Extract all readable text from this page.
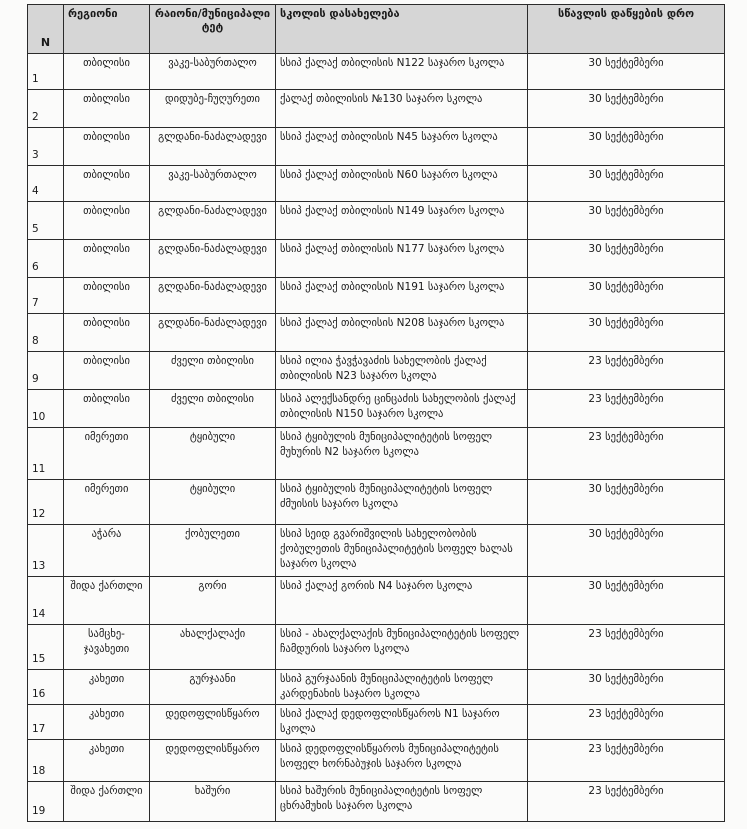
N	რეგიონი	რაიონი/მუნიციპალი ტეტ	სკოლის დასახელება	სწავლის დაწყების დრო
1	თბილისი	ვაკე-საბურთალო	სსიპ ქალაქ თბილისის N122 საჯარო სკოლა	30 სექტემბერი
2	თბილისი	დიდუბე-ჩუღურეთი	ქალაქ თბილისის №130 საჯარო სკოლა	30 სექტემბერი
3	თბილისი	გლდანი-ნაძალადევი	სსიპ ქალაქ თბილისის N45 საჯარო სკოლა	30 სექტემბერი
4	თბილისი	ვაკე-საბურთალო	სსიპ ქალაქ თბილისის N60 საჯარო სკოლა	30 სექტემბერი
5	თბილისი	გლდანი-ნაძალადევი	სსიპ ქალაქ თბილისის N149 საჯარო სკოლა	30 სექტემბერი
6	თბილისი	გლდანი-ნაძალადევი	სსიპ ქალაქ თბილისის N177 საჯარო სკოლა	30 სექტემბერი
7	თბილისი	გლდანი-ნაძალადევი	სსიპ ქალაქ თბილისის N191 საჯარო სკოლა	30 სექტემბერი
8	თბილისი	გლდანი-ნაძალადევი	სსიპ ქალაქ თბილისის N208 საჯარო სკოლა	30 სექტემბერი
9	თბილისი	ძველი თბილისი	სსიპ ილია ჭავჭავაძის სახელობის ქალაქ თბილისის N23 საჯარო სკოლა	23 სექტემბერი
10	თბილისი	ძველი თბილისი	სსიპ ალექსანდრე ცინცაძის სახელობის ქალაქ თბილისის N150 საჯარო სკოლა	23 სექტემბერი
11	იმერეთი	ტყიბული	სსიპ ტყიბულის მუნიციპალიტეტის სოფელ მუხურის N2 საჯარო სკოლა	23 სექტემბერი
12	იმერეთი	ტყიბული	სსიპ ტყიბულის მუნიციპალიტეტის სოფელ ძმუისის საჯარო სკოლა	30 სექტემბერი
13	აჭარა	ქობულეთი	სსიპ სეიდ გვარიშვილის სახელობობის ქობულეთის მუნიციპალიტეტის სოფელ ხალას საჯარო სკოლა	30 სექტემბერი
14	შიდა ქართლი	გორი	სსიპ ქალაქ გორის N4 საჯარო სკოლა	30 სექტემბერი
15	სამცხე-ჯავახეთი	ახალქალაქი	სსიპ - ახალქალაქის მუნიციპალიტეტის სოფელ ჩამდურის საჯარო სკოლა	23 სექტემბერი
16	კახეთი	გურჯაანი	სსიპ გურჯაანის მუნიციპალიტეტის სოფელ კარდენახის საჯარო სკოლა	30 სექტემბერი
17	კახეთი	დედოფლისწყარო	სსიპ ქალაქ დედოფლისწყაროს N1 საჯარო სკოლა	23 სექტემბერი
18	კახეთი	დედოფლისწყარო	სსიპ დედოფლისწყაროს მუნიციპალიტეტის სოფელ ხორნაბუჯის საჯარო სკოლა	23 სექტემბერი
19	შიდა ქართლი	ხაშური	სსიპ ხაშურის მუნიციპალიტეტის სოფელ ცხრამუხის საჯარო სკოლა	23 სექტემბერი
